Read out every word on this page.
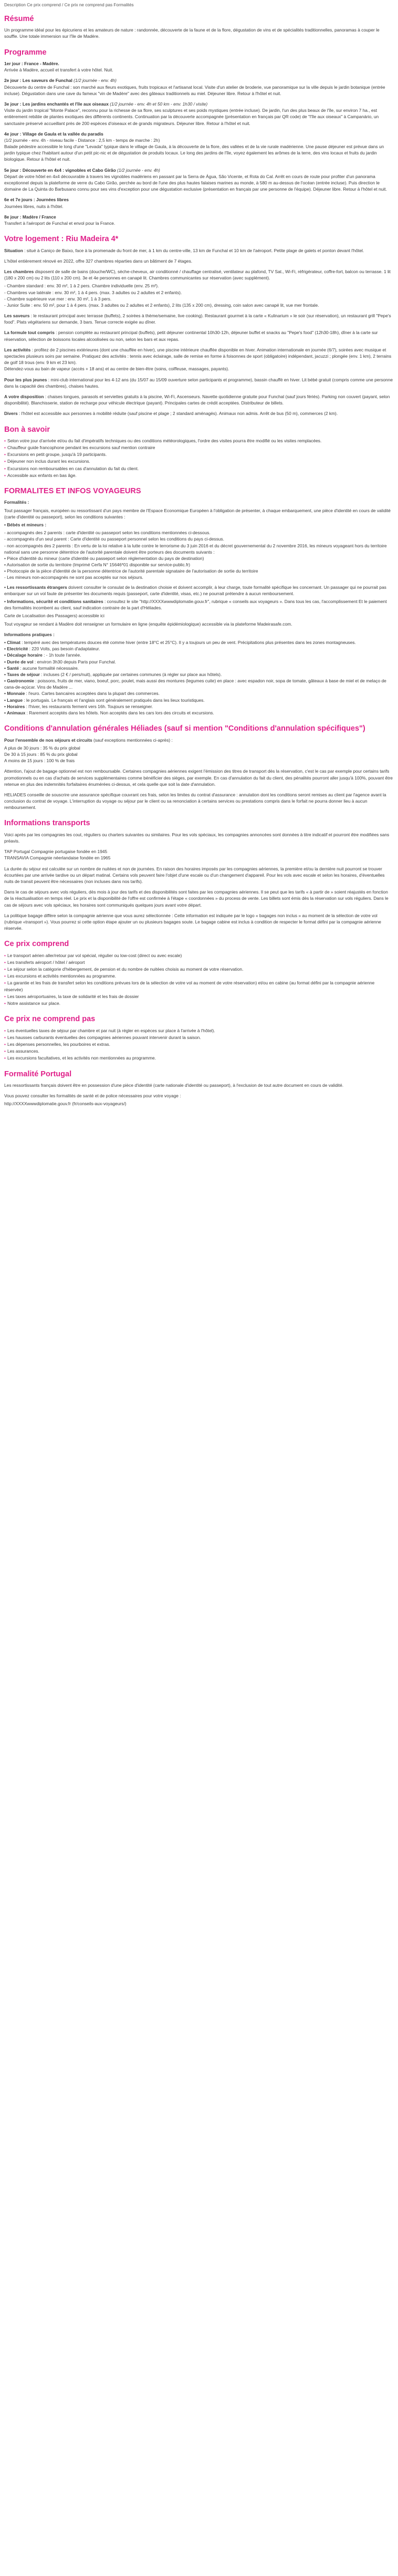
Description Ce prix comprend / Ce prix ne comprend pas Formalités

Résumé

Un programme idéal pour les épicuriens et les amateurs de nature : randonnée, découverte de la faune et de la flore, dégustation de vins et de spécialités traditionnelles, panoramas à couper le souffle. Une totale immersion sur l'île de Madère.

Programme
1er jour : France - Madère.
Arrivée à Madère, accueil et transfert à votre hôtel. Nuit.
2e jour : Les saveurs de Funchal (1/2 journée - env. 4h)
Découverte du centre de Funchal : son marché aux fleurs exotiques, fruits tropicaux et l'artisanat local. Visite d'un atelier de broderie, vue panoramique sur la ville depuis le jardin botanique (entrée incluse). Dégustation dans une cave du fameux "vin de Madère" avec des gâteaux traditionnels au miel. Déjeuner libre. Retour à l'hôtel et nuit.
3e jour : Les jardins enchantés et l'île aux oiseaux (1/2 journée - env. 4h et 50 km - env. 1h30 / visite)
Visite du jardin tropical "Monte Palace", reconnu pour la richesse de sa flore, ses sculptures et ses poids mystiques (entrée incluse). De jardin, l'un des plus beaux de l'île, sur environ 7 ha., est entièrement rebâtie de plantes exotiques des différents continents. Continuation par la découverte accompagnée (présentation en français par QR code) de "l'île aux oiseaux" à Campanário, un sanctuaire préservé accueillant près de 200 espèces d'oiseaux et de grands migrateurs. Déjeuner libre. Retour à l'hôtel et nuit.
4e jour : Village de Gaula et la vallée du paradis
(1/2 journée - env. 4h - niveau facile - Distance : 2,5 km - temps de marche : 2h)
Balade pédestre accessible le long d'une "Levada" typique dans le village de Gaula, à la découverte de la flore, des vallées et de la vie rurale madérienne. Une pause déjeuner est prévue dans un jardin typique chez l'habitant autour d'un petit pic-nic et de dégustation de produits locaux. Le long des jardins de l'île, voyez également les arômes de la terre, des vins locaux et fruits du jardin biologique. Retour à l'hôtel et nuit.
5e jour : Découverte en 4x4 : vignobles et Cabo Girão (1/2 journée - env. 4h)
Départ de votre hôtel en 4x4 découvrable à travers les vignobles madériens en passant par la Serra de Água, São Vicente, et Rota do Cal. Arrêt en cours de route pour profiter d'un panorama exceptionnel depuis la plateforme de verre du Cabo Girão, perchée au bord de l'une des plus hautes falaises marines au monde, à 580 m au-dessus de l'océan (entrée incluse). Puis direction le domaine de La Quinta do Barbusano connu pour ses vins d'exception pour une dégustation exclusive (présentation en français par une personne de l'équipe). Déjeuner libre. Retour à l'hôtel et nuit.
6e et 7e jours : Journées libres
Journées libres, nuits à l'hôtel.
8e jour : Madère / France
Transfert à l'aéroport de Funchal et envol pour la France.
Votre logement : Riu Madeira 4*

Situation : situé à Caniço de Baixo, face à la promenade du front de mer, à 1 km du centre-ville, 13 km de Funchal et 10 km de l'aéroport. Petite plage de galets et ponton devant l'hôtel.

L'hôtel entièrement rénové en 2022, offre 327 chambres réparties dans un bâtiment de 7 étages.

Les chambres disposent de salle de bains (douche/WC), sèche-cheveux, air conditionné / chauffage centralisé, ventilateur au plafond, TV Sat., Wi-Fi, réfrigérateur, coffre-fort, balcon ou terrasse. 1 lit (180 x 200 cm) ou 2 lits (110 x 200 cm). 3e et 4e personnes en canapé lit. Chambres communicantes sur réservation (avec supplément).

- Chambre standard : env. 30 m², 1 à 2 pers. Chambre individuelle (env. 25 m²).
- Chambres vue latérale : env. 30 m², 1 à 4 pers. (max. 3 adultes ou 2 adultes et 2 enfants).
- Chambre supérieure vue mer : env. 30 m², 1 à 3 pers.
- Junior Suite : env. 50 m², pour 1 à 4 pers. (max. 3 adultes ou 2 adultes et 2 enfants), 2 lits (135 x 200 cm), dressing, coin salon avec canapé lit, vue mer frontale.

Les saveurs : le restaurant principal avec terrasse (buffets), 2 soirées à thème/semaine, live cooking). Restaurant gourmet à la carte « Kulinarium » le soir (sur réservation), un restaurant grill "Pepe's food". Plats végétariens sur demande, 3 bars. Tenue correcte exigée au dîner.

La formule tout compris : pension complète au restaurant principal (buffets), petit déjeuner continental 10h30-12h, déjeuner buffet et snacks au "Pepe's food" (12h30-18h), dîner à la carte sur réservation, sélection de boissons locales alcoolisées ou non, selon les bars et aux repas.

Les activités : profitez de 2 piscines extérieures (dont une chauffée en hiver), une piscine intérieure chauffée disponible en hiver. Animation internationale en journée (6/7), soirées avec musique et spectacles plusieurs soirs par semaine. Pratiquez des activités : tennis avec éclairage, salle de remise en forme à foisonnes de sport (obligatoire) indépendant, jacuzzi ; plongée (env. 1 km), 2 terrains de golf 18 trous (env. 9 km et 23 km).
Détendez-vous au bain de vapeur (accès + 18 ans) et au centre de bien-être (soins, coiffeuse, massages, payants).

Pour les plus jeunes : mini-club international pour les 4-12 ans (du 15/07 au 15/09 ouverture selon participants et programme), bassin chauffé en hiver. Lit bébé gratuit (compris comme une personne dans la capacité des chambres), chaises hautes.

A votre disposition : chaises longues, parasols et serviettes gratuits à la piscine, Wi-Fi, Ascenseurs. Navette quotidienne gratuite pour Funchal (sauf jours fériés). Parking non couvert (payant, selon disponibilité). Blanchisserie, station de recharge pour véhicule électrique (payant). Principales cartes de crédit acceptées. Distributeur de billets.

Divers : l'hôtel est accessible aux personnes à mobilité réduite (sauf piscine et plage ; 2 standard aménagés). Animaux non admis. Arrêt de bus (50 m), commerces (2 km).

Bon à savoir
• Selon votre jour d'arrivée et/ou du fait d'impératifs techniques ou des conditions météorologiques, l'ordre des visites pourra être modifié ou les visites remplacées.
• Chauffeur guide francophone pendant les excursions sauf mention contraire
• Excursions en petit groupe, jusqu'à 19 participants.
• Déjeuner non inclus durant les excursions.
• Excursions non remboursables en cas d'annulation du fait du client.
• Accessible aux enfants en bas âge.
FORMALITES ET INFOS VOYAGEURS

Formalités :

Tout passager français, européen ou ressortissant d'un pays membre de l'Espace Economique Européen à l'obligation de présenter, à chaque embarquement, une pièce d'identité en cours de validité (carte d'identité ou passeport), selon les conditions suivantes :

• Bébés et mineurs :

- accompagnés des 2 parents : carte d'identité ou passeport selon les conditions mentionnées ci-dessous.
- accompagnés d'un seul parent : Carte d'identité ou passeport personnel selon les conditions du pays ci-dessus.
- non accompagnés des 2 parents : En vertu de la loi relative à la lutte contre le terrorisme du 3 juin 2016 et du décret gouvernemental du 2 novembre 2016, les mineurs voyageant hors du territoire national sans une personne détentrice de l'autorité parentale doivent être porteurs des documents suivants :
• Pièce d'identité du mineur (carte d'identité ou passeport selon réglementation du pays de destination)
• Autorisation de sortie du territoire (Imprimé Cerfa N° 15646*01 disponible sur service-public.fr)
• Photocopie de la pièce d'identité de la personne détentrice de l'autorité parentale signataire de l'autorisation de sortie du territoire
- Les mineurs non-accompagnés ne sont pas acceptés sur nos séjours.

• Les ressortissants étrangers doivent consulter le consulat de la destination choisie et doivent accomplir, à leur charge, toute formalité spécifique les concernant. Un passager qui ne pourrait pas embarquer sur un vol faute de présenter les documents requis (passeport, carte d'identité, visas, etc.) ne pourrait prétendre à aucun remboursement.

• Informations, sécurité et conditions sanitaires : consultez le site "http://XXXXwwwdiplomatie.gouv.fr", rubrique « conseils aux voyageurs ». Dans tous les cas, l'accomplissement Et le paiement des formalités incombent au client, sauf indication contraire de la part d'Héliades.

Carte de Localisation des Passagers) accessible ici

Tout voyageur se rendant à Madère doit renseigner un formulaire en ligne (enquête épidémiologique) accessible via la plateforme Madeirasafe.com.

Informations pratiques :

• Climat : tempéré avec des températures douces été comme hiver (entre 18°C et 25°C). Il y a toujours un peu de vent. Précipitations plus présentes dans les zones montagneuses.
• Electricité : 220 Volts, pas besoin d'adaptateur.
• Décalage horaire : - 1h toute l'année.
• Durée de vol : environ 3h30 depuis Paris pour Funchal.
• Santé : aucune formalité nécessaire.
• Taxes de séjour : incluses (2 € / pers/nuit), appliquée par certaines communes (à régler sur place aux hôtels).
• Gastronomie : poissons, fruits de mer, viano, boeuf, porc, poulet, mais aussi des montures (legumes cuite) en place : avec espadon noir, sopa de tomate, gâteaux à base de miel et de melaço de cana-de-açúcar. Vins de Madère ...
• Monnaie : l'euro. Cartes bancaires acceptées dans la plupart des commerces.
• Langue : le portugais. Le français et l'anglais sont généralement pratiqués dans les lieux touristiques.
• Horaires : l'hiver, les restaurants ferment vers 16h. Toujours se renseigner.
• Animaux : Rarement acceptés dans les hôtels. Non acceptés dans les cars lors des circuits et excursions.
Conditions d'annulation générales Héliades (sauf si mention "Conditions d'annulation spécifiques")

Pour l'ensemble de nos séjours et circuits (sauf exceptions mentionnées ci-après) :

A plus de 30 jours : 35 % du prix global
De 30 à 15 jours : 85 % du prix global
A moins de 15 jours : 100 % de frais

Attention, l'ajout de bagage optionnel est non remboursable. Certaines compagnies aériennes exigent l'émission des titres de transport dès la réservation, c'est le cas par exemple pour certains tarifs promotionnels ou en cas d'achats de services supplémentaires comme bénéficier des sièges, par exemple. En cas d'annulation du fait du client, des pénalités pourront aller jusqu'à 100%, pouvant être retenue en plus des indemnités forfaitaires énumérées ci-dessus, et cela quelle que soit la date d'annulation.

HELIADES conseille de souscrire une assurance spécifique couvrant ces frais, selon les limites du contrat d'assurance : annulation dont les conditions seront remises au client par l'agence avant la conclusion du contrat de voyage. L'interruption du voyage ou séjour par le client ou sa renonciation à certains services ou prestations compris dans le forfait ne pourra donner lieu à aucun remboursement.

Informations transports

Voici après par les compagnies les cout, réguliers ou charters suivantes ou similaires. Pour les vols spéciaux, les compagnies annoncées sont données à titre indicatif et pourront être modifiées sans préavis.

TAP Portugal Compagnie portugaise fondée en 1945

TRANSAVIA Compagnie néerlandaise fondée en 1965

La durée du séjour est calculée sur un nombre de nuitées et non de journées. En raison des horaires imposés par les compagnies aériennes, la première et/ou la dernière nuit pourront se trouver écourtées par une arrivée tardive ou un départ matinal. Certains vols peuvent faire l'objet d'une escale ou d'un changement d'appareil. Pour les vols avec escale et selon les horaires, d'éventuelles nuits de transit peuvent être nécessaires (non incluses dans nos tarifs).

Dans le cas de séjours avec vols réguliers, dès mois à jour des tarifs et des disponibilités sont faites par les compagnies aériennes. Il se peut que les tarifs « à partir de » soient réajustés en fonction de la réactualisation en temps réel. Le prix et la disponibilité de l'offre est confirmée à l'étape « coordonnées » du process de vente. Les billets sont émis dès la réservation sur vols réguliers. Dans le cas de séjours avec vols spéciaux, les horaires sont communiqués quelques jours avant votre départ.

La politique bagage diffère selon la compagnie aérienne que vous aurez sélectionnée : Cette information est indiquée par le logo « bagages non inclus » au moment de la sélection de votre vol (rubrique «transport »). Vous pourrez si cette option étape ajouter un ou plusieurs bagages soute. Le bagage cabine est inclus à condition de respecter le format défini par la compagnie aérienne réservée.

Ce prix comprend
• Le transport aérien aller/retour par vol spécial, régulier ou low-cost (direct ou avec escale)
• Les transferts aéroport / hôtel / aéroport
• Le séjour selon la catégorie d'hébergement, de pension et du nombre de nuitées choisis au moment de votre réservation.
• Les excursions et activités mentionnées au programme.
• La garantie et les frais de transfert selon les conditions prévues lors de la sélection de votre vol au moment de votre réservation) et/ou en cabine (au format défini par la compagnie aérienne réservée)
• Les taxes aéroportuaires, la taxe de solidarité et les frais de dossier
• Notre assistance sur place.
Ce prix ne comprend pas
• Les éventuelles taxes de séjour par chambre et par nuit (à régler en espèces sur place à l'arrivée à l'hôtel).
• Les hausses carburants éventuelles des compagnies aériennes pouvant intervenir durant la saison.
• Les dépenses personnelles, les pourboires et extras.
• Les assurances.
• Les excursions facultatives, et les activités non mentionnées au programme.
Formalité Portugal

Les ressortissants français doivent être en possession d'une pièce d'identité (carte nationale d'identité ou passeport), à l'exclusion de tout autre document en cours de validité.

Vous pouvez consulter les formalités de santé et de police nécessaires pour votre voyage :

http://XXXXwwwdiplomatie.gouv.fr (fr/conseils-aux-voyageurs/)
